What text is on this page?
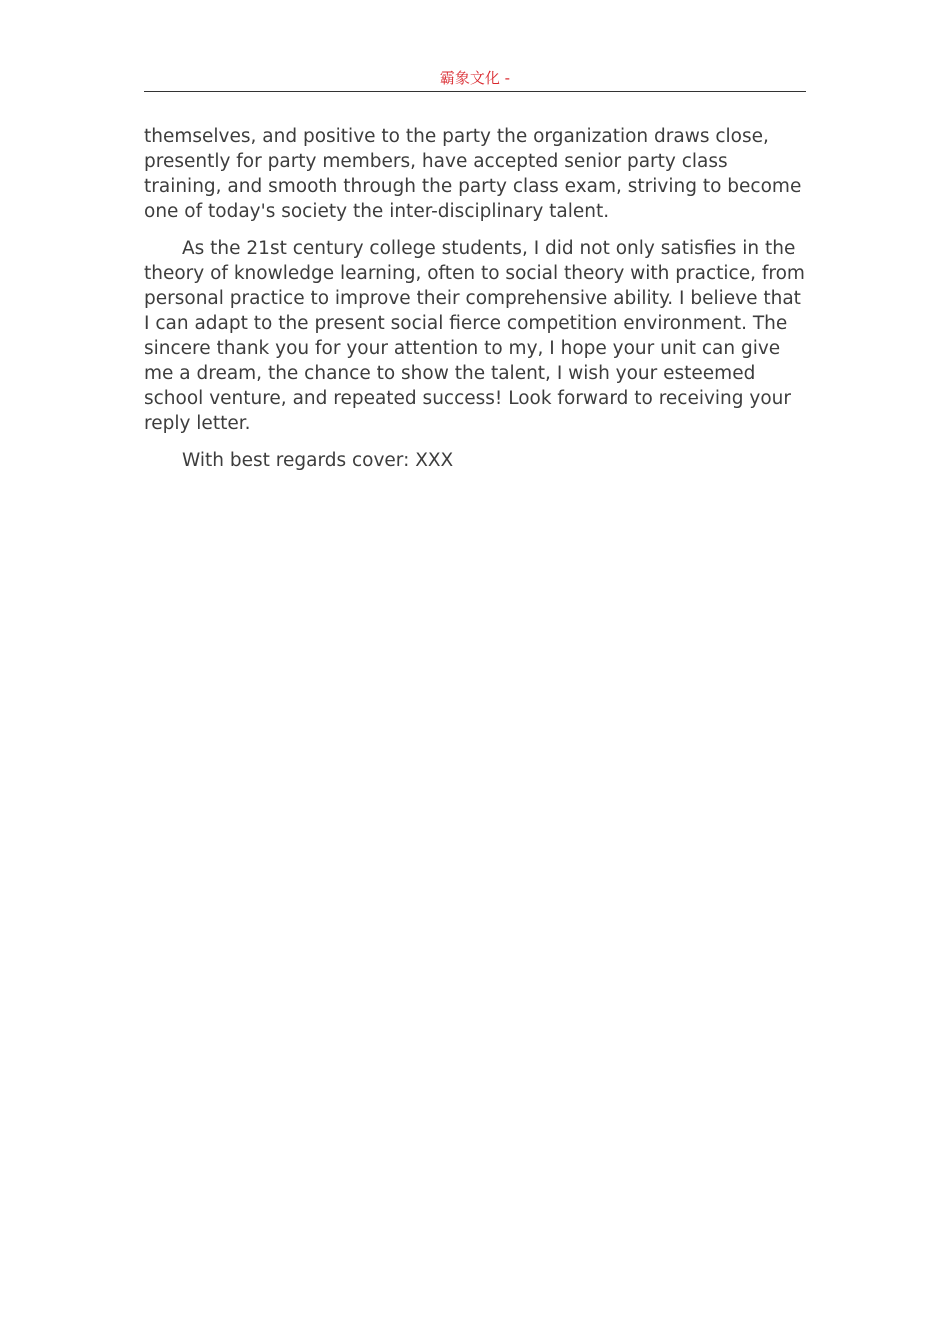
霸象文化 -

themselves, and positive to the party the organization draws close, presently for party members, have accepted senior party class training, and smooth through the party class exam, striving to become one of today's society the inter-disciplinary talent.

As the 21st century college students, I did not only satisfies in the theory of knowledge learning, often to social theory with practice, from personal practice to improve their comprehensive ability. I believe that I can adapt to the present social fierce competition environment. The sincere thank you for your attention to my, I hope your unit can give me a dream, the chance to show the talent, I wish your esteemed school venture, and repeated success! Look forward to receiving your reply letter.

With best regards cover: XXX
